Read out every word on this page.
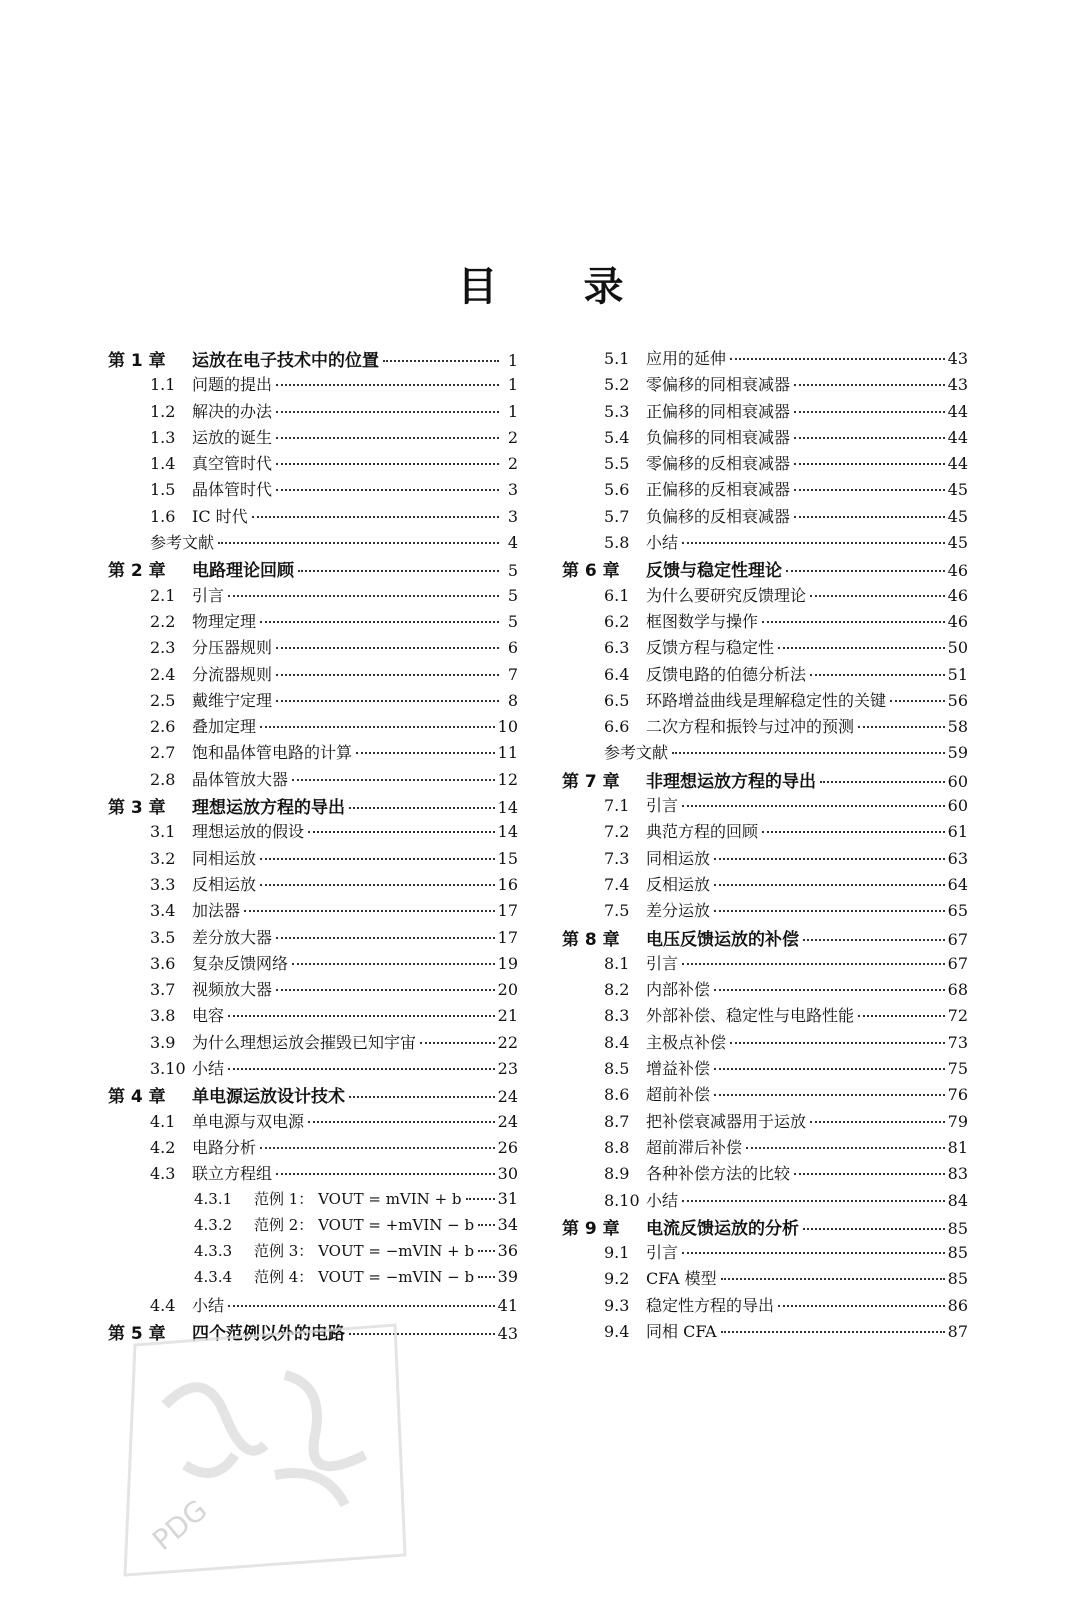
目 录
第 1 章	运放在电子技术中的位置	1
1.1	问题的提出	1
1.2	解决的办法	1
1.3	运放的诞生	2
1.4	真空管时代	2
1.5	晶体管时代	3
1.6	IC 时代	3
参考文献	4
第 2 章	电路理论回顾	5
2.1	引言	5
2.2	物理定理	5
2.3	分压器规则	6
2.4	分流器规则	7
2.5	戴维宁定理	8
2.6	叠加定理	10
2.7	饱和晶体管电路的计算	11
2.8	晶体管放大器	12
第 3 章	理想运放方程的导出	14
3.1	理想运放的假设	14
3.2	同相运放	15
3.3	反相运放	16
3.4	加法器	17
3.5	差分放大器	17
3.6	复杂反馈网络	19
3.7	视频放大器	20
3.8	电容	21
3.9	为什么理想运放会摧毁已知宇宙	22
3.10 小结	23
第 4 章	单电源运放设计技术	24
4.1	单电源与双电源	24
4.2	电路分析	26
4.3	联立方程组	30
4.3.1	范例 1： VOUT = mVIN + b 31
4.3.2	范例 2： VOUT = +mVIN − b 34
4.3.3	范例 3： VOUT = −mVIN + b 36
4.3.4	范例 4： VOUT = −mVIN − b 39
4.4	小结	41
第 5 章	四个范例以外的电路	43
5.1	应用的延伸	43
5.2	零偏移的同相衰减器	43
5.3	正偏移的同相衰减器	44
5.4	负偏移的同相衰减器	44
5.5	零偏移的反相衰减器	44
5.6	正偏移的反相衰减器	45
5.7	负偏移的反相衰减器	45
5.8	小结	45
第 6 章	反馈与稳定性理论	46
6.1	为什么要研究反馈理论	46
6.2	框图数学与操作	46
6.3	反馈方程与稳定性	50
6.4	反馈电路的伯德分析法	51
6.5	环路增益曲线是理解稳定性的关键	56
6.6	二次方程和振铃与过冲的预测	58
参考文献	59
第 7 章	非理想运放方程的导出	60
7.1	引言	60
7.2	典范方程的回顾	61
7.3	同相运放	63
7.4	反相运放	64
7.5	差分运放	65
第 8 章	电压反馈运放的补偿	67
8.1	引言	67
8.2	内部补偿	68
8.3	外部补偿、稳定性与电路性能	72
8.4	主极点补偿	73
8.5	增益补偿	75
8.6	超前补偿	76
8.7	把补偿衰减器用于运放	79
8.8	超前滞后补偿	81
8.9	各种补偿方法的比较	83
8.10 小结	84
第 9 章	电流反馈运放的分析	85
9.1	引言	85
9.2	CFA 模型	85
9.3	稳定性方程的导出	86
9.4	同相 CFA	87
PDG
